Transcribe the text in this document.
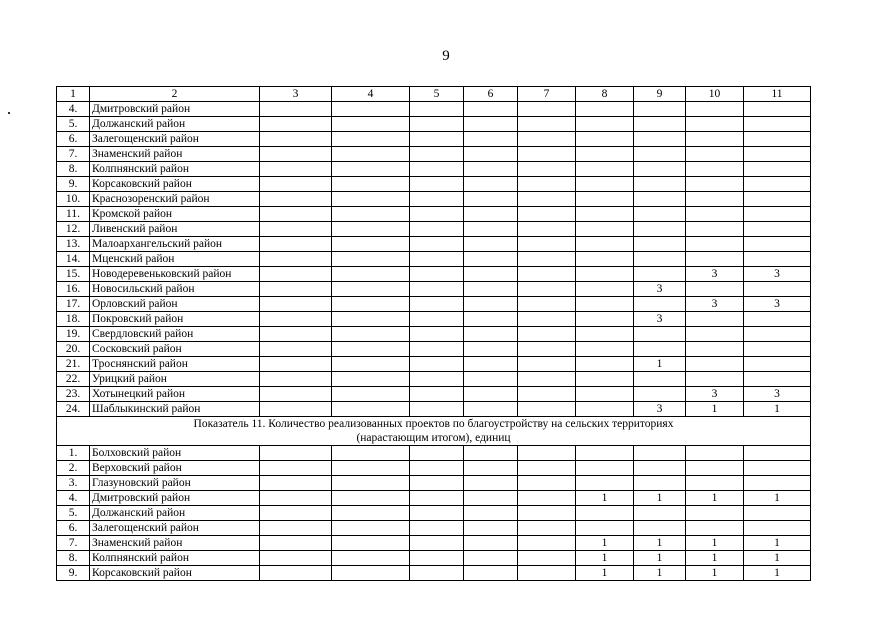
9
1	2	3	4	5	6	7	8	9	10	11
4.	Дмитровский район									
5.	Должанский район									
6.	Залегощенский район									
7.	Знаменский район									
8.	Колпнянский район									
9.	Корсаковский район									
10.	Краснозоренский район									
11.	Кромской район									
12.	Ливенский район									
13.	Малоархангельский район									
14.	Мценский район									
15.	Новодеревеньковский район								3	3
16.	Новосильский район							3		
17.	Орловский район								3	3
18.	Покровский район							3		
19.	Свердловский район									
20.	Сосковский район									
21.	Троснянский район							1		
22.	Урицкий район									
23.	Хотынецкий район								3	3
24.	Шаблыкинский район							3	1	1

Показатель 11. Количество реализованных проектов по благоустройству на сельских территориях
(нарастающим итогом), единиц										

1.	Болховский район									
2.	Верховский район									
3.	Глазуновский район									
4.	Дмитровский район						1	1	1	1
5.	Должанский район									
6.	Залегощенский район									
7.	Знаменский район						1	1	1	1
8.	Колпнянский район						1	1	1	1
9.	Корсаковский район						1	1	1	1
